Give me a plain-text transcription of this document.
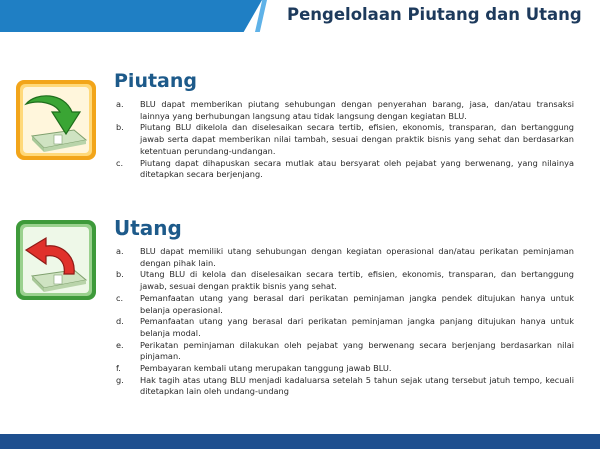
Pengelolaan Piutang dan Utang
Piutang
a. BLU dapat memberikan piutang sehubungan dengan penyerahan barang, jasa, dan/atau transaksi lainnya yang berhubungan langsung atau tidak langsung dengan kegiatan BLU.
b. Piutang BLU dikelola dan diselesaikan secara tertib, efisien, ekonomis, transparan, dan bertanggung jawab serta dapat memberikan nilai tambah, sesuai dengan praktik bisnis yang sehat dan berdasarkan ketentuan perundang-undangan.
c. Piutang dapat dihapuskan secara mutlak atau bersyarat oleh pejabat yang berwenang, yang nilainya ditetapkan secara berjenjang.
Utang
a. BLU dapat memiliki utang sehubungan dengan kegiatan operasional dan/atau perikatan peminjaman dengan pihak lain.
b. Utang BLU di kelola dan diselesaikan secara tertib, efisien, ekonomis, transparan, dan bertanggung jawab, sesuai dengan praktik bisnis yang sehat.
c. Pemanfaatan utang yang berasal dari perikatan peminjaman jangka pendek ditujukan hanya untuk belanja operasional.
d. Pemanfaatan utang yang berasal dari perikatan peminjaman jangka panjang ditujukan hanya untuk belanja modal.
e. Perikatan peminjaman dilakukan oleh pejabat yang berwenang secara berjenjang berdasarkan nilai pinjaman.
f. Pembayaran kembali utang merupakan tanggung jawab BLU.
g. Hak tagih atas utang BLU menjadi kadaluarsa setelah 5 tahun sejak utang tersebut jatuh tempo, kecuali ditetapkan lain oleh undang-undang
